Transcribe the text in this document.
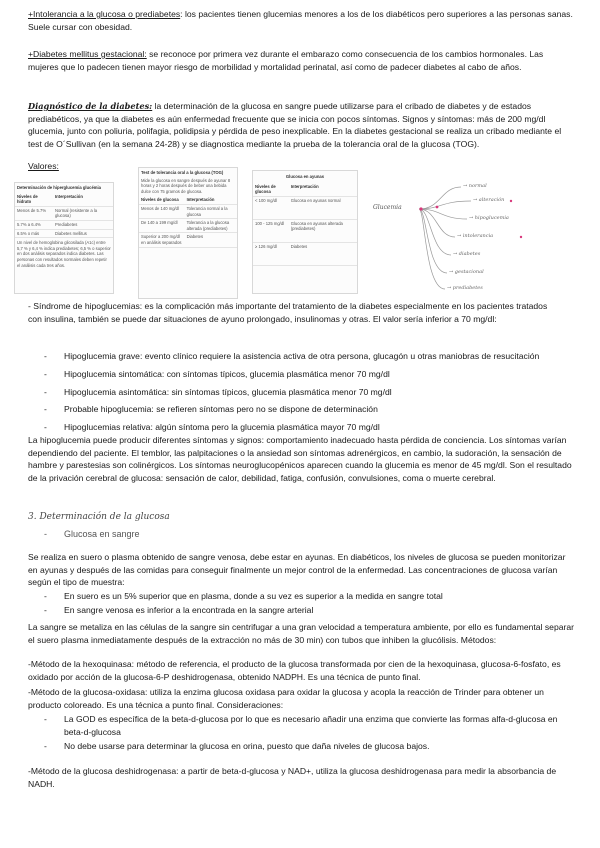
+Intolerancia a la glucosa o prediabetes: los pacientes tienen glucemias menores a los de los diabéticos pero superiores a las personas sanas. Suele cursar con obesidad.

+Diabetes mellitus gestacional: se reconoce por primera vez durante el embarazo como consecuencia de los cambios hormonales. Las mujeres que lo padecen tienen mayor riesgo de morbilidad y mortalidad perinatal, así como de padecer diabetes al cabo de años.

Diagnóstico de la diabetes: la determinación de la glucosa en sangre puede utilizarse para el cribado de diabetes y de estados prediabéticos, ya que la diabetes es aún enfermedad frecuente que se inicia con pocos síntomas. Signos y síntomas: más de 200 mg/dl glucemia, junto con poliuria, polifagia, polidipsia y pérdida de peso inexplicable. En la diabetes gestacional se realiza un cribado mediante el test de O´Sullivan (en la semana 24-28) y se diagnostica mediante la prueba de la tolerancia oral de la glucosa (TOG).

Valores:

Determinación de hiperglucemia glucémia
Niveles de hidrato	Interpretación
Menos de 5.7%	Normal (resistente a la glucosa)
5.7% a 6.4%	Prediabetes
6.5% o más	Diabetes mellitus
Un nivel de hemoglobina glicosilada (A1c) entre 5,7 % y 6,4 % indica prediabetes; 6,5 % o superior en dos análisis separados indica diabetes. Las personas con resultados normales deben repetir el análisis cada tres años.
Test de tolerancia oral a la glucosa (TOG)
Mide la glucosa en sangre después de ayunar 8 horas y 2 horas después de beber una bebida dulce con 75 gramos de glucosa.
Niveles de glucosa	Interpretación
Menos de 140 mg/dl	Tolerancia normal a la glucosa
De 140 a 199 mg/dl	Tolerancia a la glucosa alterada (prediabetes)
Superior a 200 mg/dl en análisis separados	Diabetes
Glucosa en ayunas
Niveles de glucosa	Interpretación
< 100 mg/dl	Glucosa en ayunas normal
100 - 125 mg/dl	Glucosa en ayunas alterada (prediabetes)
≥ 126 mg/dl	Diabetes
Glucemia
→ normal
→ alteración
→ hipoglucemia
→ intolerancia
→ diabetes
→ gestacional
→ prediabetes

- Síndrome de hipoglucemias: es la complicación más importante del tratamiento de la diabetes especialmente en los pacientes tratados con insulina, también se puede dar situaciones de ayuno prolongado, insulinomas y otras. El valor sería inferior a 70 mg/dl:

- Hipoglucemia grave: evento clínico requiere la asistencia activa de otra persona, glucagón u otras maniobras de resucitación
- Hipoglucemia sintomática: con síntomas típicos, glucemia plasmática menor 70 mg/dl
- Hipoglucemia asintomática: sin síntomas típicos, glucemia plasmática menor 70 mg/dl
- Probable hipoglucemia: se refieren síntomas pero no se dispone de determinación
- Hipoglucemias relativa: algún síntoma pero la glucemia plasmática mayor 70 mg/dl

La hipoglucemia puede producir diferentes síntomas y signos: comportamiento inadecuado hasta pérdida de conciencia. Los síntomas varían dependiendo del paciente. El temblor, las palpitaciones o la ansiedad son síntomas adrenérgicos, en cambio, la sudoración, la sensación de hambre y parestesias son colinérgicos. Los síntomas neuroglucopénicos aparecen cuando la glucemia es menor de 45 mg/dl. Son el resultado de la privación cerebral de glucosa: sensación de calor, debilidad, fatiga, confusión, convulsiones, coma o muerte cerebral.

3. Determinación de la glucosa

- Glucosa en sangre

Se realiza en suero o plasma obtenido de sangre venosa, debe estar en ayunas. En diabéticos, los niveles de glucosa se pueden monitorizar en ayunas y después de las comidas para conseguir finalmente un mejor control de la enfermedad. Las concentraciones de glucosa varían según el tipo de muestra:

- En suero es un 5% superior que en plasma, donde a su vez es superior a la medida en sangre total
- En sangre venosa es inferior a la encontrada en la sangre arterial

La sangre se metaliza en las células de la sangre sin centrifugar a una gran velocidad a temperatura ambiente, por ello es fundamental separar el suero plasma inmediatamente después de la extracción no más de 30 min) con tubos que inhiben la glucólisis. Métodos:

-Método de la hexoquinasa: método de referencia, el producto de la glucosa transformada por cien de la hexoquinasa, glucosa-6-fosfato, es oxidado por acción de la glucosa-6-P deshidrogenasa, obtenido NADPH. Es una técnica de punto final.

-Método de la glucosa-oxidasa: utiliza la enzima glucosa oxidasa para oxidar la glucosa y acopla la reacción de Trinder para obtener un producto coloreado. Es una técnica a punto final. Consideraciones:

- La GOD es específica de la beta-d-glucosa por lo que es necesario añadir una enzima que convierte las formas alfa-d-glucosa en beta-d-glucosa
- No debe usarse para determinar la glucosa en orina, puesto que daña niveles de glucosa bajos.

-Método de la glucosa deshidrogenasa: a partir de beta-d-glucosa y NAD+, utiliza la glucosa deshidrogenasa para medir la absorbancia de NADH.
